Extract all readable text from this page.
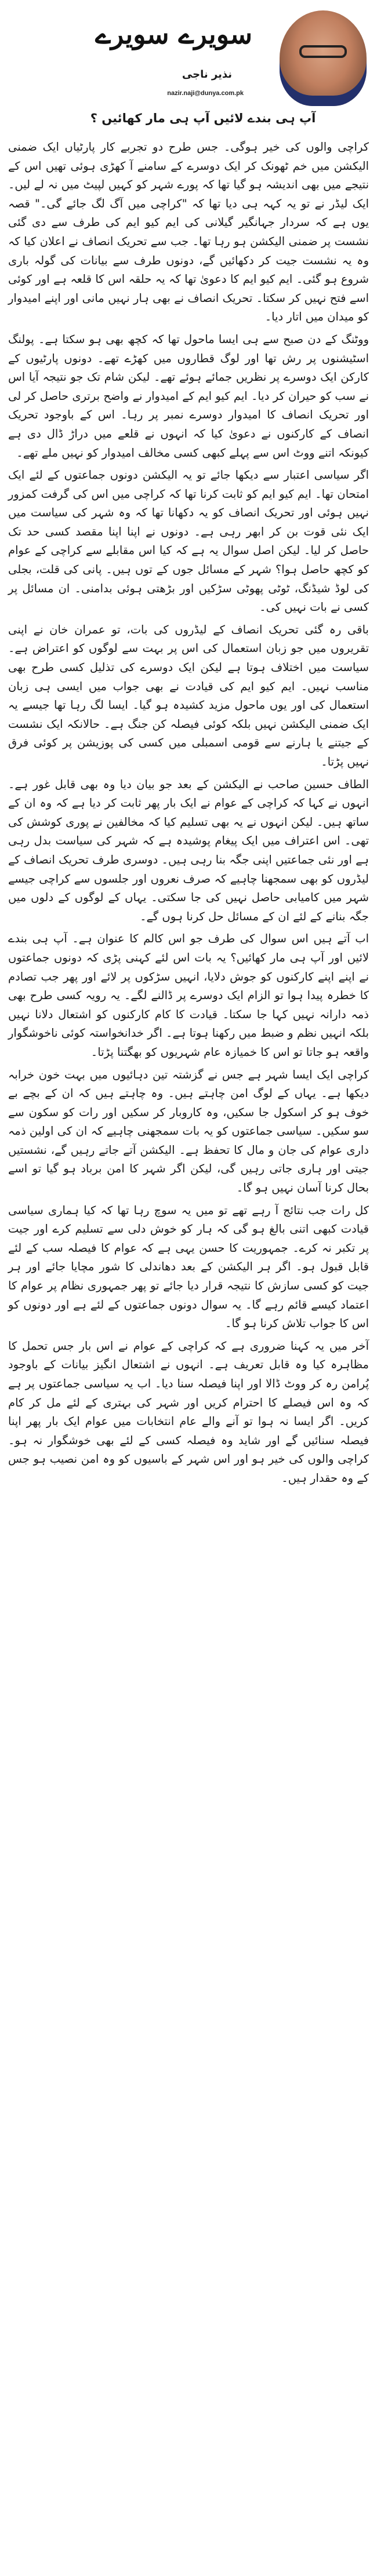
سویرے سویرے
نذیر ناجی
nazir.naji@dunya.com.pk
آپ ہی بندے لائیں آپ ہی مار کھائیں ؟

کراچی والوں کی خیر ہوگی۔ جس طرح دو تجربے کار پارٹیاں ایک ضمنی الیکشن میں خم ٹھونک کر ایک دوسرے کے سامنے آ کھڑی ہوئی تھیں اس کے نتیجے میں بھی اندیشہ ہو گیا تھا کہ پورے شہر کو کہیں لپیٹ میں نہ لے لیں۔ ایک لیڈر نے تو یہ کہہ ہی دیا تھا کہ "کراچی میں آگ لگ جائے گی۔" قصہ یوں ہے کہ سردار جہانگیر گیلانی کی ایم کیو ایم کی طرف سے دی گئی نشست پر ضمنی الیکشن ہو رہا تھا۔ جب سے تحریک انصاف نے اعلان کیا کہ وہ یہ نشست جیت کر دکھائیں گے، دونوں طرف سے بیانات کی گولہ باری شروع ہو گئی۔ ایم کیو ایم کا دعویٰ تھا کہ یہ حلقہ اس کا قلعہ ہے اور کوئی اسے فتح نہیں کر سکتا۔ تحریک انصاف نے بھی ہار نہیں مانی اور اپنے امیدوار کو میدان میں اتار دیا۔

ووٹنگ کے دن صبح سے ہی ایسا ماحول تھا کہ کچھ بھی ہو سکتا ہے۔ پولنگ اسٹیشنوں پر رش تھا اور لوگ قطاروں میں کھڑے تھے۔ دونوں پارٹیوں کے کارکن ایک دوسرے پر نظریں جمائے ہوئے تھے۔ لیکن شام تک جو نتیجہ آیا اس نے سب کو حیران کر دیا۔ ایم کیو ایم کے امیدوار نے واضح برتری حاصل کر لی اور تحریک انصاف کا امیدوار دوسرے نمبر پر رہا۔ اس کے باوجود تحریک انصاف کے کارکنوں نے دعویٰ کیا کہ انہوں نے قلعے میں دراڑ ڈال دی ہے کیونکہ اتنے ووٹ اس سے پہلے کبھی کسی مخالف امیدوار کو نہیں ملے تھے۔

اگر سیاسی اعتبار سے دیکھا جائے تو یہ الیکشن دونوں جماعتوں کے لئے ایک امتحان تھا۔ ایم کیو ایم کو ثابت کرنا تھا کہ کراچی میں اس کی گرفت کمزور نہیں ہوئی اور تحریک انصاف کو یہ دکھانا تھا کہ وہ شہر کی سیاست میں ایک نئی قوت بن کر ابھر رہی ہے۔ دونوں نے اپنا اپنا مقصد کسی حد تک حاصل کر لیا۔ لیکن اصل سوال یہ ہے کہ کیا اس مقابلے سے کراچی کے عوام کو کچھ حاصل ہوا؟ شہر کے مسائل جوں کے توں ہیں۔ پانی کی قلت، بجلی کی لوڈ شیڈنگ، ٹوٹی پھوٹی سڑکیں اور بڑھتی ہوئی بدامنی۔ ان مسائل پر کسی نے بات نہیں کی۔

باقی رہ گئی تحریک انصاف کے لیڈروں کی بات، تو عمران خان نے اپنی تقریروں میں جو زبان استعمال کی اس پر بہت سے لوگوں کو اعتراض ہے۔ سیاست میں اختلاف ہوتا ہے لیکن ایک دوسرے کی تذلیل کسی طرح بھی مناسب نہیں۔ ایم کیو ایم کی قیادت نے بھی جواب میں ایسی ہی زبان استعمال کی اور یوں ماحول مزید کشیدہ ہو گیا۔ ایسا لگ رہا تھا جیسے یہ ایک ضمنی الیکشن نہیں بلکہ کوئی فیصلہ کن جنگ ہے۔ حالانکہ ایک نشست کے جیتنے یا ہارنے سے قومی اسمبلی میں کسی کی پوزیشن پر کوئی فرق نہیں پڑتا۔

الطاف حسین صاحب نے الیکشن کے بعد جو بیان دیا وہ بھی قابل غور ہے۔ انہوں نے کہا کہ کراچی کے عوام نے ایک بار پھر ثابت کر دیا ہے کہ وہ ان کے ساتھ ہیں۔ لیکن انہوں نے یہ بھی تسلیم کیا کہ مخالفین نے پوری کوشش کی تھی۔ اس اعتراف میں ایک پیغام پوشیدہ ہے کہ شہر کی سیاست بدل رہی ہے اور نئی جماعتیں اپنی جگہ بنا رہی ہیں۔ دوسری طرف تحریک انصاف کے لیڈروں کو بھی سمجھنا چاہیے کہ صرف نعروں اور جلسوں سے کراچی جیسے شہر میں کامیابی حاصل نہیں کی جا سکتی۔ یہاں کے لوگوں کے دلوں میں جگہ بنانے کے لئے ان کے مسائل حل کرنا ہوں گے۔

اب آتے ہیں اس سوال کی طرف جو اس کالم کا عنوان ہے۔ آپ ہی بندے لائیں اور آپ ہی مار کھائیں؟ یہ بات اس لئے کہنی پڑی کہ دونوں جماعتوں نے اپنے اپنے کارکنوں کو جوش دلایا، انہیں سڑکوں پر لائے اور پھر جب تصادم کا خطرہ پیدا ہوا تو الزام ایک دوسرے پر ڈالنے لگے۔ یہ رویہ کسی طرح بھی ذمہ دارانہ نہیں کہا جا سکتا۔ قیادت کا کام کارکنوں کو اشتعال دلانا نہیں بلکہ انہیں نظم و ضبط میں رکھنا ہوتا ہے۔ اگر خدانخواستہ کوئی ناخوشگوار واقعہ ہو جاتا تو اس کا خمیازہ عام شہریوں کو بھگتنا پڑتا۔

کراچی ایک ایسا شہر ہے جس نے گزشتہ تین دہائیوں میں بہت خون خرابہ دیکھا ہے۔ یہاں کے لوگ امن چاہتے ہیں۔ وہ چاہتے ہیں کہ ان کے بچے بے خوف ہو کر اسکول جا سکیں، وہ کاروبار کر سکیں اور رات کو سکون سے سو سکیں۔ سیاسی جماعتوں کو یہ بات سمجھنی چاہیے کہ ان کی اولین ذمہ داری عوام کی جان و مال کا تحفظ ہے۔ الیکشن آتے جاتے رہیں گے، نشستیں جیتی اور ہاری جاتی رہیں گی، لیکن اگر شہر کا امن برباد ہو گیا تو اسے بحال کرنا آسان نہیں ہو گا۔

کل رات جب نتائج آ رہے تھے تو میں یہ سوچ رہا تھا کہ کیا ہماری سیاسی قیادت کبھی اتنی بالغ ہو گی کہ ہار کو خوش دلی سے تسلیم کرے اور جیت پر تکبر نہ کرے۔ جمہوریت کا حسن یہی ہے کہ عوام کا فیصلہ سب کے لئے قابل قبول ہو۔ اگر ہر الیکشن کے بعد دھاندلی کا شور مچایا جائے اور ہر جیت کو کسی سازش کا نتیجہ قرار دیا جائے تو پھر جمہوری نظام پر عوام کا اعتماد کیسے قائم رہے گا۔ یہ سوال دونوں جماعتوں کے لئے ہے اور دونوں کو اس کا جواب تلاش کرنا ہو گا۔

آخر میں یہ کہنا ضروری ہے کہ کراچی کے عوام نے اس بار جس تحمل کا مظاہرہ کیا وہ قابل تعریف ہے۔ انہوں نے اشتعال انگیز بیانات کے باوجود پُرامن رہ کر ووٹ ڈالا اور اپنا فیصلہ سنا دیا۔ اب یہ سیاسی جماعتوں پر ہے کہ وہ اس فیصلے کا احترام کریں اور شہر کی بہتری کے لئے مل کر کام کریں۔ اگر ایسا نہ ہوا تو آنے والے عام انتخابات میں عوام ایک بار پھر اپنا فیصلہ سنائیں گے اور شاید وہ فیصلہ کسی کے لئے بھی خوشگوار نہ ہو۔ کراچی والوں کی خیر ہو اور اس شہر کے باسیوں کو وہ امن نصیب ہو جس کے وہ حقدار ہیں۔
